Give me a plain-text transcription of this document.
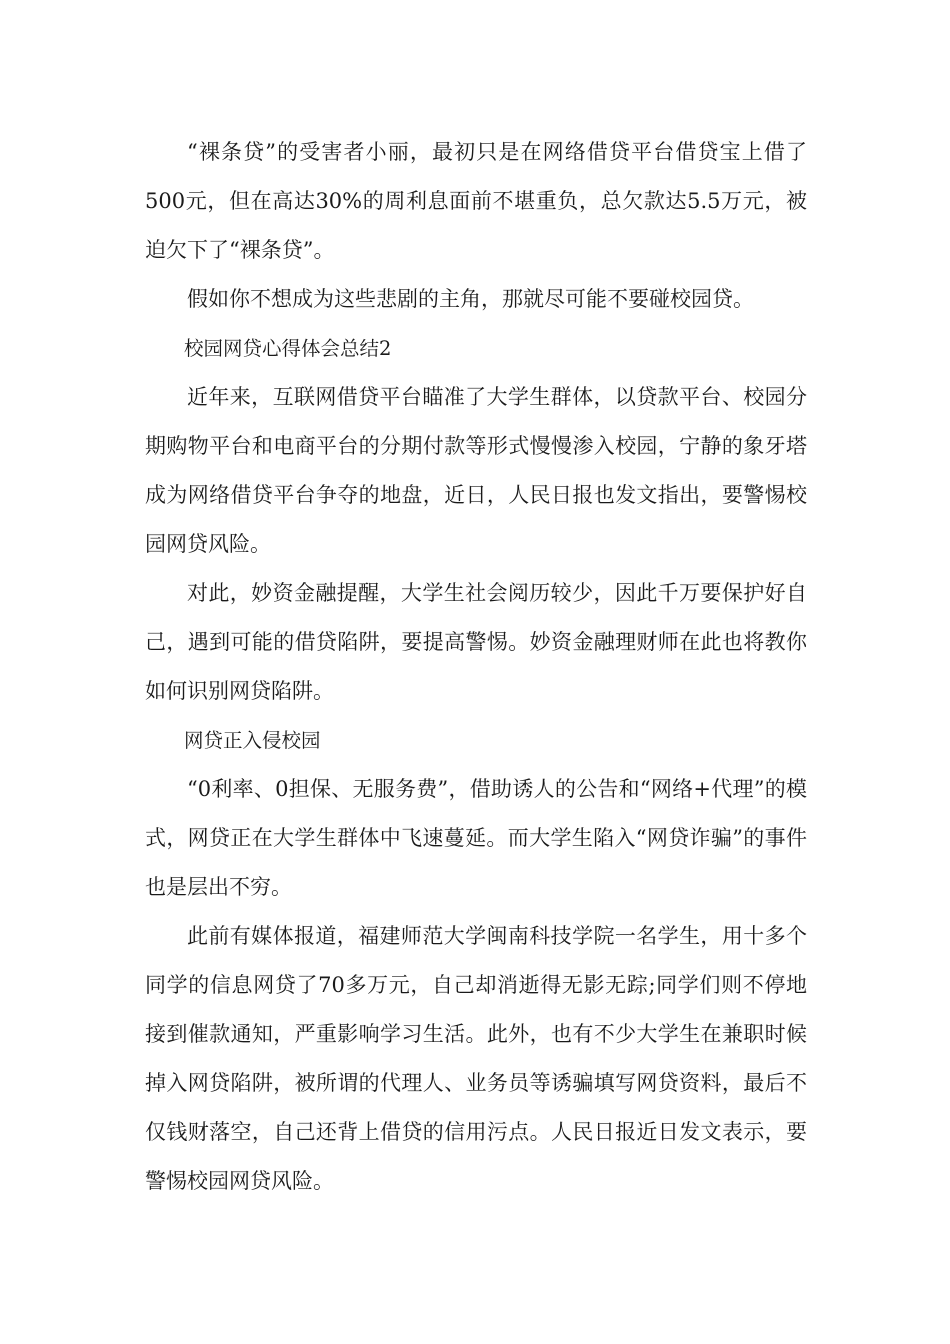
“裸条贷”的受害者小丽，最初只是在网络借贷平台借贷宝上借了500元，但在高达30%的周利息面前不堪重负，总欠款达5.5万元，被迫欠下了“裸条贷”。

假如你不想成为这些悲剧的主角，那就尽可能不要碰校园贷。

校园网贷心得体会总结2

近年来，互联网借贷平台瞄准了大学生群体，以贷款平台、校园分期购物平台和电商平台的分期付款等形式慢慢渗入校园，宁静的象牙塔成为网络借贷平台争夺的地盘，近日，人民日报也发文指出，要警惕校园网贷风险。

对此，妙资金融提醒，大学生社会阅历较少，因此千万要保护好自己，遇到可能的借贷陷阱，要提高警惕。妙资金融理财师在此也将教你如何识别网贷陷阱。

网贷正入侵校园

“0利率、0担保、无服务费”，借助诱人的公告和“网络+代理”的模式，网贷正在大学生群体中飞速蔓延。而大学生陷入“网贷诈骗”的事件也是层出不穷。

此前有媒体报道，福建师范大学闽南科技学院一名学生，用十多个同学的信息网贷了70多万元，自己却消逝得无影无踪;同学们则不停地接到催款通知，严重影响学习生活。此外，也有不少大学生在兼职时候掉入网贷陷阱，被所谓的代理人、业务员等诱骗填写网贷资料，最后不仅钱财落空，自己还背上借贷的信用污点。人民日报近日发文表示，要警惕校园网贷风险。
